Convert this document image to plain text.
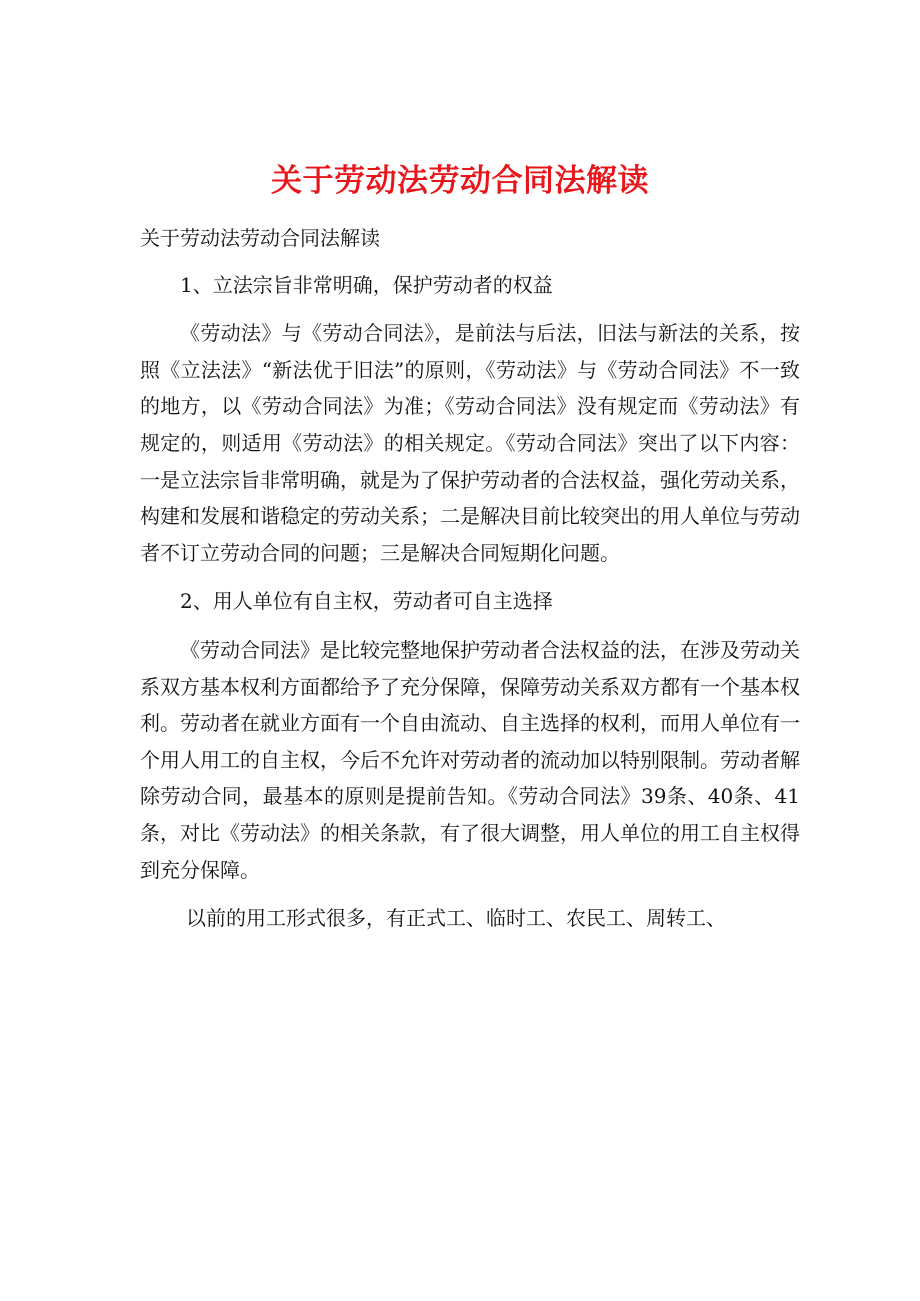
关于劳动法劳动合同法解读

关于劳动法劳动合同法解读

1、立法宗旨非常明确，保护劳动者的权益

《劳动法》与《劳动合同法》，是前法与后法，旧法与新法的关系，按照《立法法》“新法优于旧法”的原则，《劳动法》与《劳动合同法》不一致的地方，以《劳动合同法》为准；《劳动合同法》没有规定而《劳动法》有规定的，则适用《劳动法》的相关规定。《劳动合同法》突出了以下内容：一是立法宗旨非常明确，就是为了保护劳动者的合法权益，强化劳动关系，构建和发展和谐稳定的劳动关系；二是解决目前比较突出的用人单位与劳动者不订立劳动合同的问题；三是解决合同短期化问题。

2、用人单位有自主权，劳动者可自主选择

《劳动合同法》是比较完整地保护劳动者合法权益的法，在涉及劳动关系双方基本权利方面都给予了充分保障，保障劳动关系双方都有一个基本权利。劳动者在就业方面有一个自由流动、自主选择的权利，而用人单位有一个用人用工的自主权，今后不允许对劳动者的流动加以特别限制。劳动者解除劳动合同，最基本的原则是提前告知。《劳动合同法》39条、40条、41条，对比《劳动法》的相关条款，有了很大调整，用人单位的用工自主权得到充分保障。

以前的用工形式很多，有正式工、临时工、农民工、周转工、
